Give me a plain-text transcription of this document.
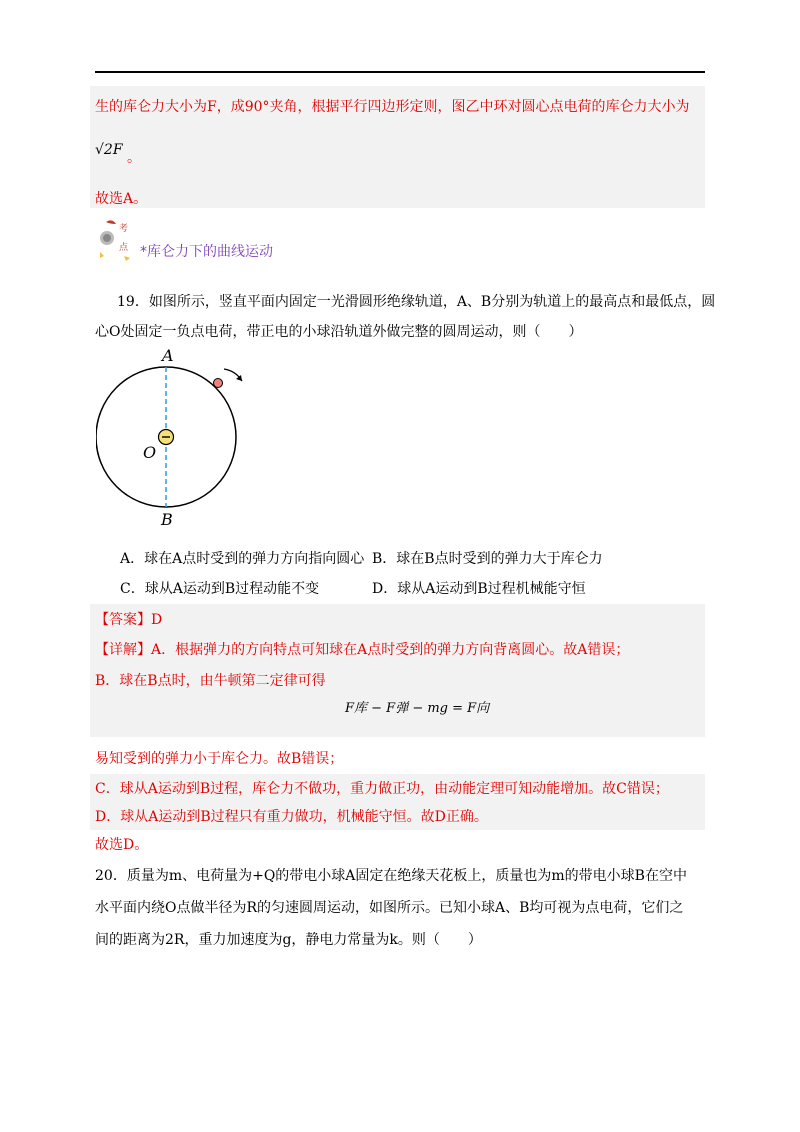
生的库仑力大小为F，成90°夹角，根据平行四边形定则，图乙中环对圆心点电荷的库仑力大小为
√2F 。
故选A。
考
点 *库仑力下的曲线运动
19．如图所示，竖直平面内固定一光滑圆形绝缘轨道，A、B分别为轨道上的最高点和最低点，圆
心O处固定一负点电荷，带正电的小球沿轨道外做完整的圆周运动，则（　　）
A
B
O
A．球在A点时受到的弹力方向指向圆心 B．球在B点时受到的弹力大于库仑力
C．球从A运动到B过程动能不变	D．球从A运动到B过程机械能守恒
【答案】D
【详解】A．根据弹力的方向特点可知球在A点时受到的弹力方向背离圆心。故A错误；
B．球在B点时，由牛顿第二定律可得
F库 − F弹 − mg = F向
易知受到的弹力小于库仑力。故B错误；
C．球从A运动到B过程，库仑力不做功，重力做正功，由动能定理可知动能增加。故C错误；
D．球从A运动到B过程只有重力做功，机械能守恒。故D正确。
故选D。
20．质量为m、电荷量为+Q的带电小球A固定在绝缘天花板上，质量也为m的带电小球B在空中
水平面内绕O点做半径为R的匀速圆周运动，如图所示。已知小球A、B均可视为点电荷，它们之
间的距离为2R，重力加速度为g，静电力常量为k。则（　　）
